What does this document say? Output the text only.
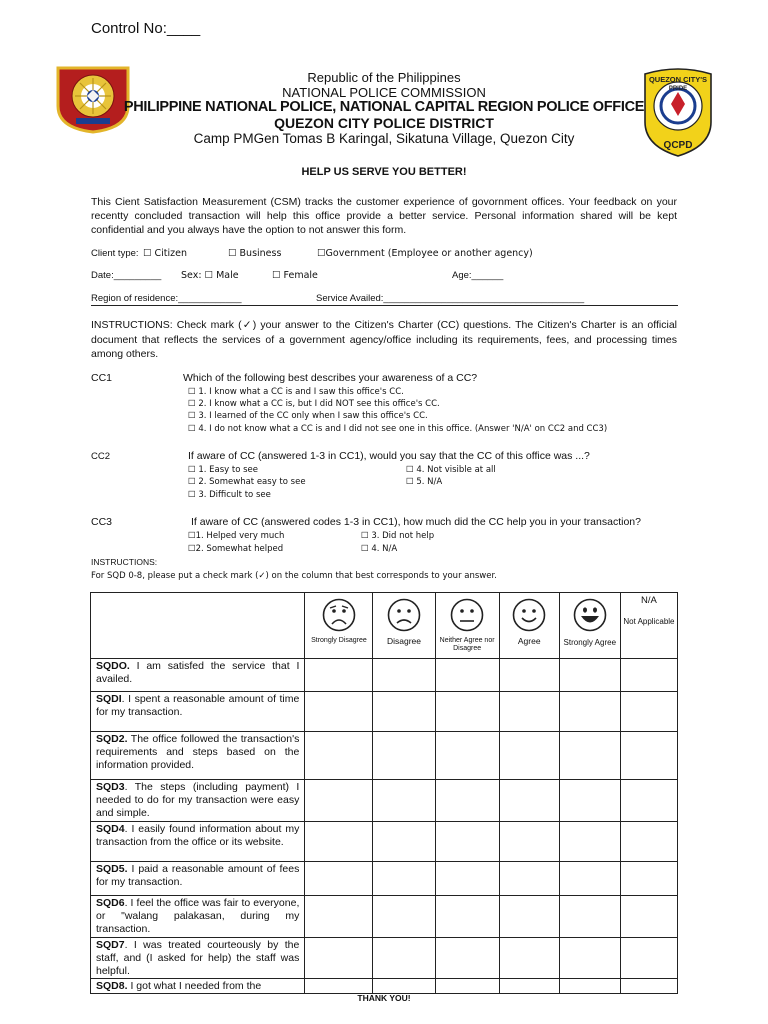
Control No:____
QUEZON CITY'S
PRIDE
QCPD
Republic of the Philippines
NATIONAL POLICE COMMISSION
PHILIPPINE NATIONAL POLICE, NATIONAL CAPITAL REGION POLICE OFFICE
QUEZON CITY POLICE DISTRICT
Camp PMGen Tomas B Karingal, Sikatuna Village, Quezon City
HELP US SERVE YOU BETTER!
This Cient Satisfaction Measurement (CSM) tracks the customer experience of govornment offices. Your feedback on your recentty concluded transaction will help this office provide a better service. Personal information shared will be kept confidential and you always have the option to not answer this form.
Client type: ☐ Citizen	☐ Business	☐Government (Employee or another agency)
Date:_________ Sex: ☐ Male	☐ Female	Age:______
Region of residence:____________	Service Availed:______________________________________
INSTRUCTIONS: Check mark (✓) your answer to the Citizen's Charter (CC) questions. The Citizen's Charter is an official document that reflects the services of a government agency/office including its requirements, fees, and processing times among others.
CC1	Which of the following best describes your awareness of a CC?
☐ 1. I know what a CC is and I saw this office's CC.
☐ 2. I know what a CC is, but I did NOT see this office's CC.
☐ 3. I learned of the CC only when I saw this office's CC.
☐ 4. I do not know what a CC is and I did not see one in this office. (Answer 'N/A' on CC2 and CC3)
CC2	If aware of CC (answered 1-3 in CC1), would you say that the CC of this office was ...?
☐ 1. Easy to see
☐ 2. Somewhat easy to see
☐ 3. Difficult to see
☐ 4. Not visible at all
☐ 5. N/A
CC3	If aware of CC (answered codes 1-3 in CC1), how much did the CC help you in your transaction?
☐1. Helped very much
☐2. Somewhat helped
☐ 3. Did not help
☐ 4. N/A
INSTRUCTIONS:
For SQD 0-8, please put a check mark (✓) on the column that best corresponds to your answer.

	Strongly Disagree	Disagree	Neither Agree nor Disagree	Agree	Strongly Agree	N/A
Not Applicable

SQDO. I am satisfed the service that I availed.						
SQDI. I spent a reasonable amount of time for my transaction.						
SQD2. The office followed the transaction's requirements and steps based on the information provided.						
SQD3. The steps (including payment) I needed to do for my transaction were easy and simple.						
SQD4. I easily found information about my transaction from the office or its website.						
SQD5. I paid a reasonable amount of fees for my transaction.						
SQD6. I feel the office was fair to everyone, or "walang palakasan, during my transaction.						
SQD7. I was treated courteously by the staff, and (I asked for help) the staff was helpful.						
SQD8. I got what I needed from the						
THANK YOU!
